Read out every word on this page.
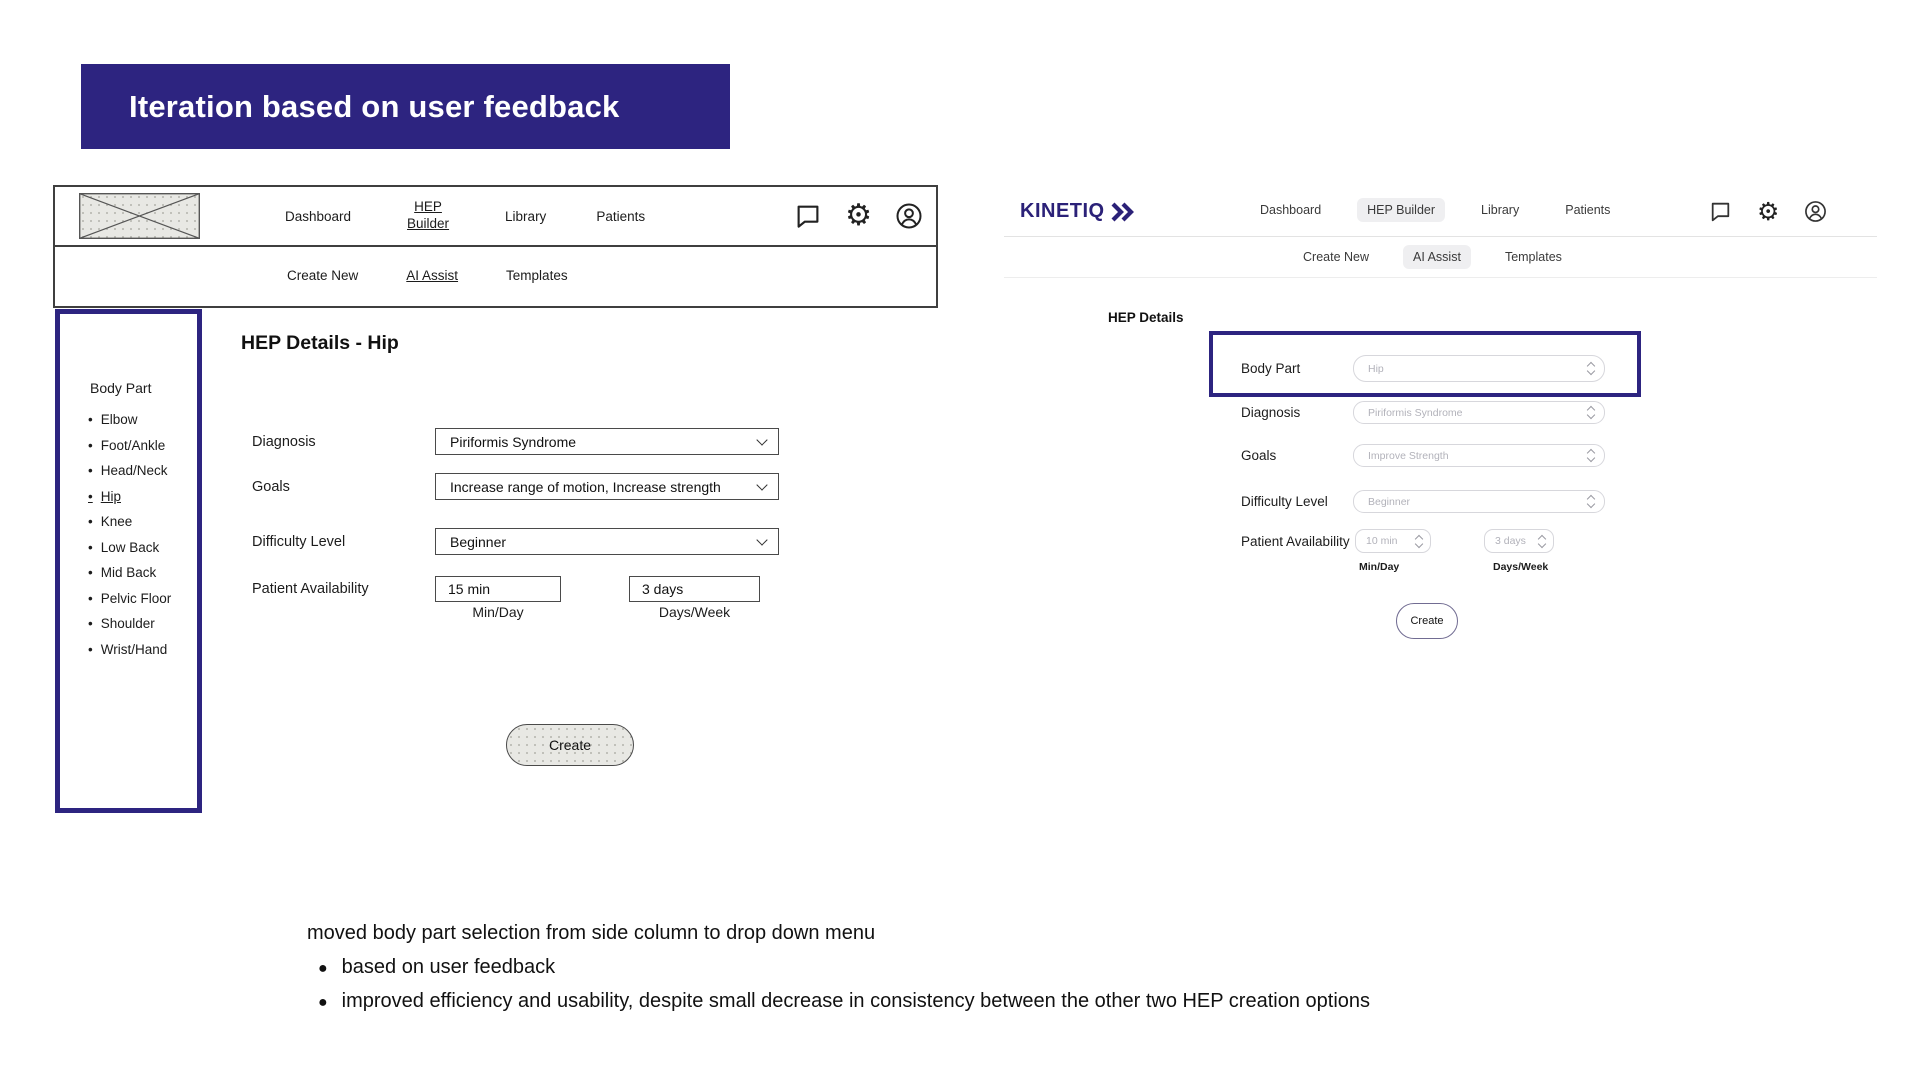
Iteration based on user feedback
Dashboard
HEP Builder	Library	Patients	⚙
Create New	AI Assist	Templates
Body Part
• Elbow
• Foot/Ankle
• Head/Neck
• Hip
• Knee
• Low Back
• Mid Back
• Pelvic Floor
• Shoulder
• Wrist/Hand
HEP Details - Hip
Diagnosis	Piriformis Syndrome
Goals	Increase range of motion, Increase strength
Difficulty Level	Beginner
Patient Availability	15 min	3 days
Min/Day	Days/Week
Create
KINETIQ	Dashboard	HEP Builder	Library	Patients	⚙
Create New	AI Assist	Templates
HEP Details
Body Part	Hip
Diagnosis	Piriformis Syndrome
Goals	Improve Strength
Difficulty Level	Beginner
Patient Availability	10 min	3 days
Min/Day	Days/Week
Create
moved body part selection from side column to drop down menu
● based on user feedback
● improved efficiency and usability, despite small decrease in consistency between the other two HEP creation options
